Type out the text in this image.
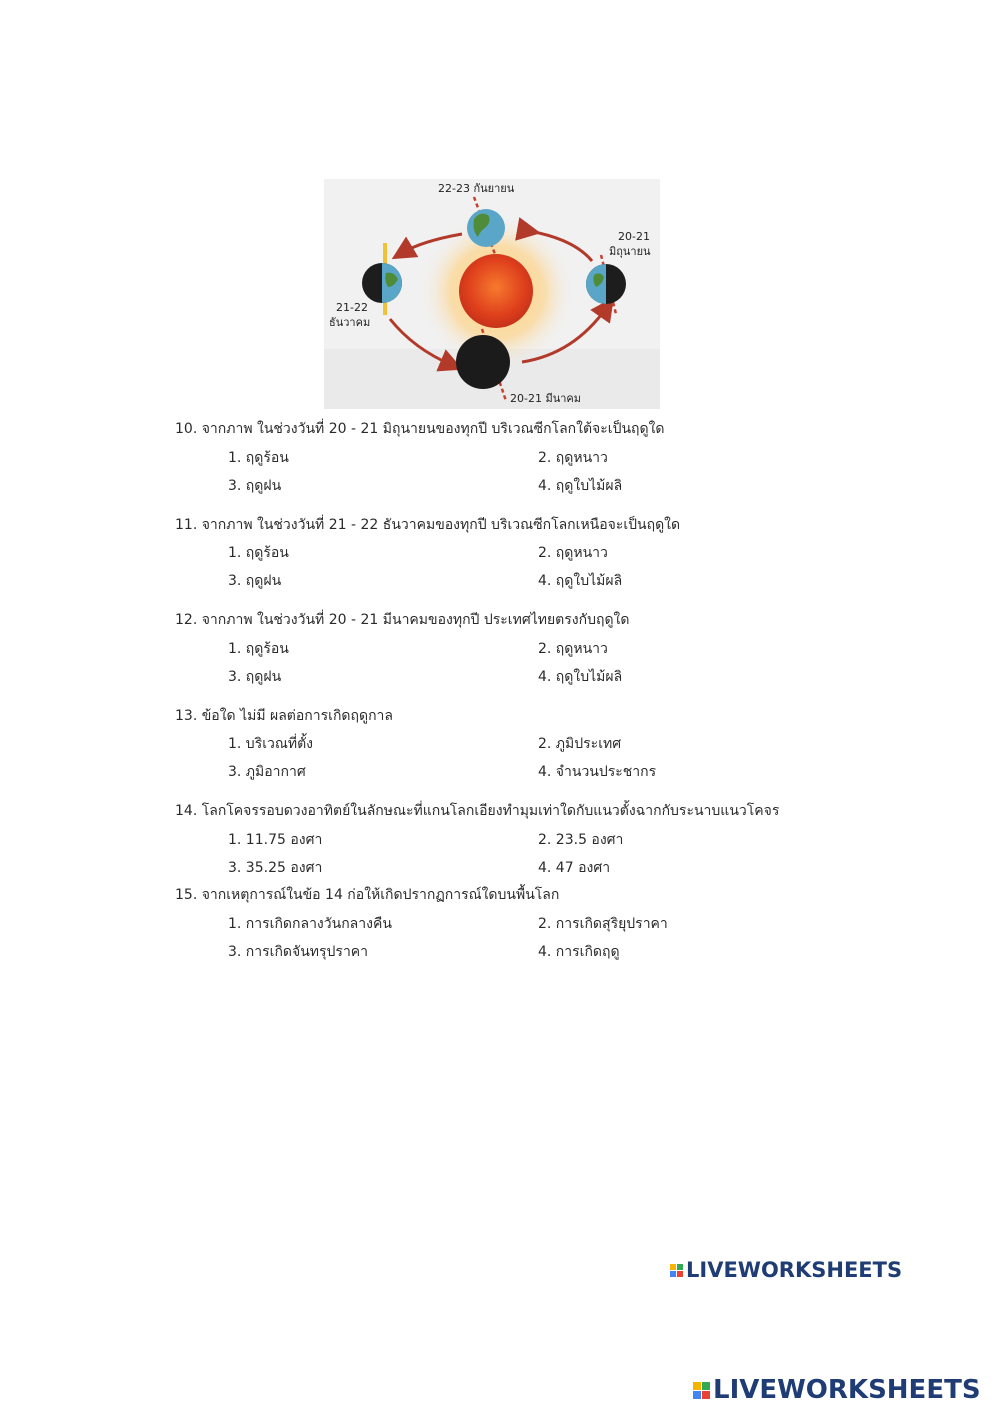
22-23 กันยายน
20-21
มิถุนายน
21-22
ธันวาคม
20-21 มีนาคม
10. จากภาพ ในช่วงวันที่ 20 - 21 มิถุนายนของทุกปี บริเวณซีกโลกใต้จะเป็นฤดูใด
1. ฤดูร้อน	2. ฤดูหนาว
3. ฤดูฝน	4. ฤดูใบไม้ผลิ
11. จากภาพ ในช่วงวันที่ 21 - 22 ธันวาคมของทุกปี บริเวณซีกโลกเหนือจะเป็นฤดูใด
1. ฤดูร้อน	2. ฤดูหนาว
3. ฤดูฝน	4. ฤดูใบไม้ผลิ
12. จากภาพ ในช่วงวันที่ 20 - 21 มีนาคมของทุกปี ประเทศไทยตรงกับฤดูใด
1. ฤดูร้อน	2. ฤดูหนาว
3. ฤดูฝน	4. ฤดูใบไม้ผลิ
13. ข้อใด ไม่มี ผลต่อการเกิดฤดูกาล
1. บริเวณที่ตั้ง	2. ภูมิประเทศ
3. ภูมิอากาศ	4. จำนวนประชากร
14. โลกโคจรรอบดวงอาทิตย์ในลักษณะที่แกนโลกเอียงทำมุมเท่าใดกับแนวตั้งฉากกับระนาบแนวโคจร
1. 11.75 องศา	2. 23.5 องศา
3. 35.25 องศา	4. 47 องศา
15. จากเหตุการณ์ในข้อ 14 ก่อให้เกิดปรากฏการณ์ใดบนพื้นโลก
1. การเกิดกลางวันกลางคืน	2. การเกิดสุริยุปราคา
3. การเกิดจันทรุปราคา	4. การเกิดฤดู
LIVEWORKSHEETS
LIVEWORKSHEETS
